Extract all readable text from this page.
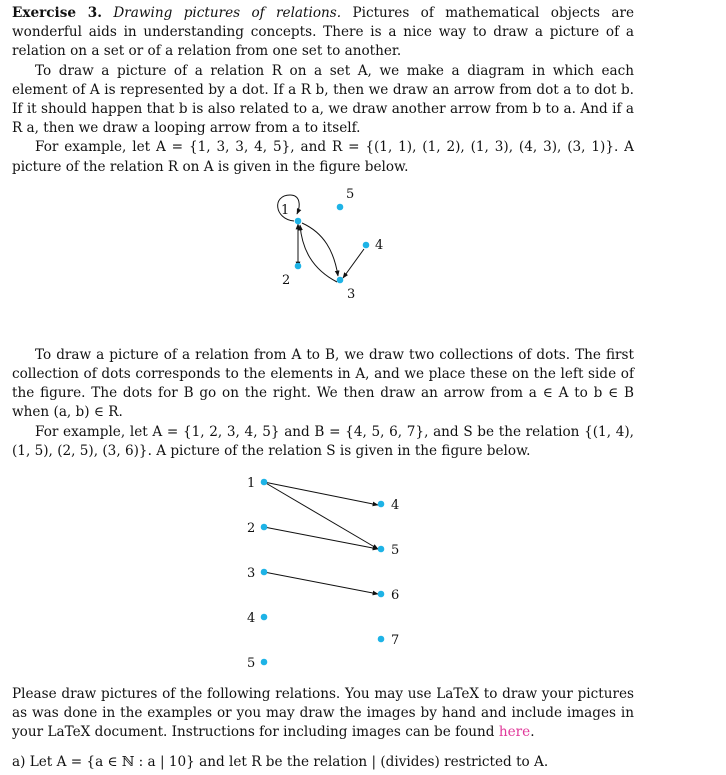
Exercise 3. Drawing pictures of relations. Pictures of mathematical objects are wonderful aids in understanding concepts. There is a nice way to draw a picture of a relation on a set or of a relation from one set to another.

To draw a picture of a relation R on a set A, we make a diagram in which each element of A is represented by a dot. If a R b, then we draw an arrow from dot a to dot b. If it should happen that b is also related to a, we draw another arrow from b to a. And if a R a, then we draw a looping arrow from a to itself.

For example, let A = {1, 3, 3, 4, 5}, and R = {(1, 1), (1, 2), (1, 3), (4, 3), (3, 1)}. A picture of the relation R on A is given in the figure below.

1
5
4
2
3

To draw a picture of a relation from A to B, we draw two collections of dots. The first collection of dots corresponds to the elements in A, and we place these on the left side of the figure. The dots for B go on the right. We then draw an arrow from a ∈ A to b ∈ B when (a, b) ∈ R.

For example, let A = {1, 2, 3, 4, 5} and B = {4, 5, 6, 7}, and S be the relation {(1, 4), (1, 5), (2, 5), (3, 6)}. A picture of the relation S is given in the figure below.

1
2
3
4
5
4
5
6
7

Please draw pictures of the following relations. You may use LaTeX to draw your pictures as was done in the examples or you may draw the images by hand and include images in your LaTeX document. Instructions for including images can be found here.

a) Let A = {a ∈ ℕ : a | 10} and let R be the relation | (divides) restricted to A.
